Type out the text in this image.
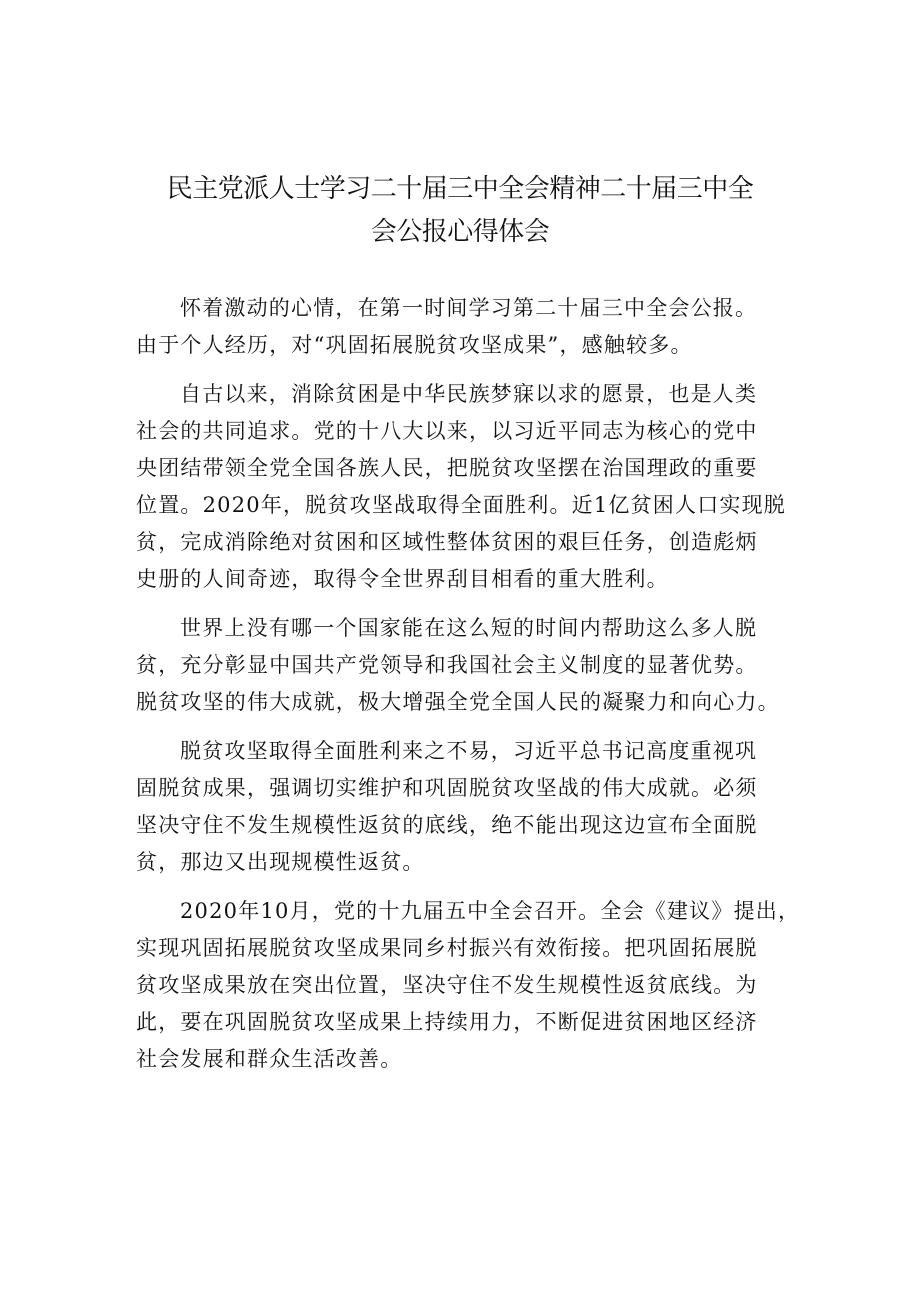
民主党派人士学习二十届三中全会精神二十届三中全
会公报心得体会

怀着激动的心情，在第一时间学习第二十届三中全会公报。
由于个人经历，对“巩固拓展脱贫攻坚成果”，感触较多。

自古以来，消除贫困是中华民族梦寐以求的愿景，也是人类
社会的共同追求。党的十八大以来，以习近平同志为核心的党中
央团结带领全党全国各族人民，把脱贫攻坚摆在治国理政的重要
位置。2020年，脱贫攻坚战取得全面胜利。近1亿贫困人口实现脱
贫，完成消除绝对贫困和区域性整体贫困的艰巨任务，创造彪炳
史册的人间奇迹，取得令全世界刮目相看的重大胜利。

世界上没有哪一个国家能在这么短的时间内帮助这么多人脱
贫，充分彰显中国共产党领导和我国社会主义制度的显著优势。
脱贫攻坚的伟大成就，极大增强全党全国人民的凝聚力和向心力。

脱贫攻坚取得全面胜利来之不易，习近平总书记高度重视巩
固脱贫成果，强调切实维护和巩固脱贫攻坚战的伟大成就。必须
坚决守住不发生规模性返贫的底线，绝不能出现这边宣布全面脱
贫，那边又出现规模性返贫。

2020年10月，党的十九届五中全会召开。全会《建议》提出，
实现巩固拓展脱贫攻坚成果同乡村振兴有效衔接。把巩固拓展脱
贫攻坚成果放在突出位置，坚决守住不发生规模性返贫底线。为
此，要在巩固脱贫攻坚成果上持续用力，不断促进贫困地区经济
社会发展和群众生活改善。
